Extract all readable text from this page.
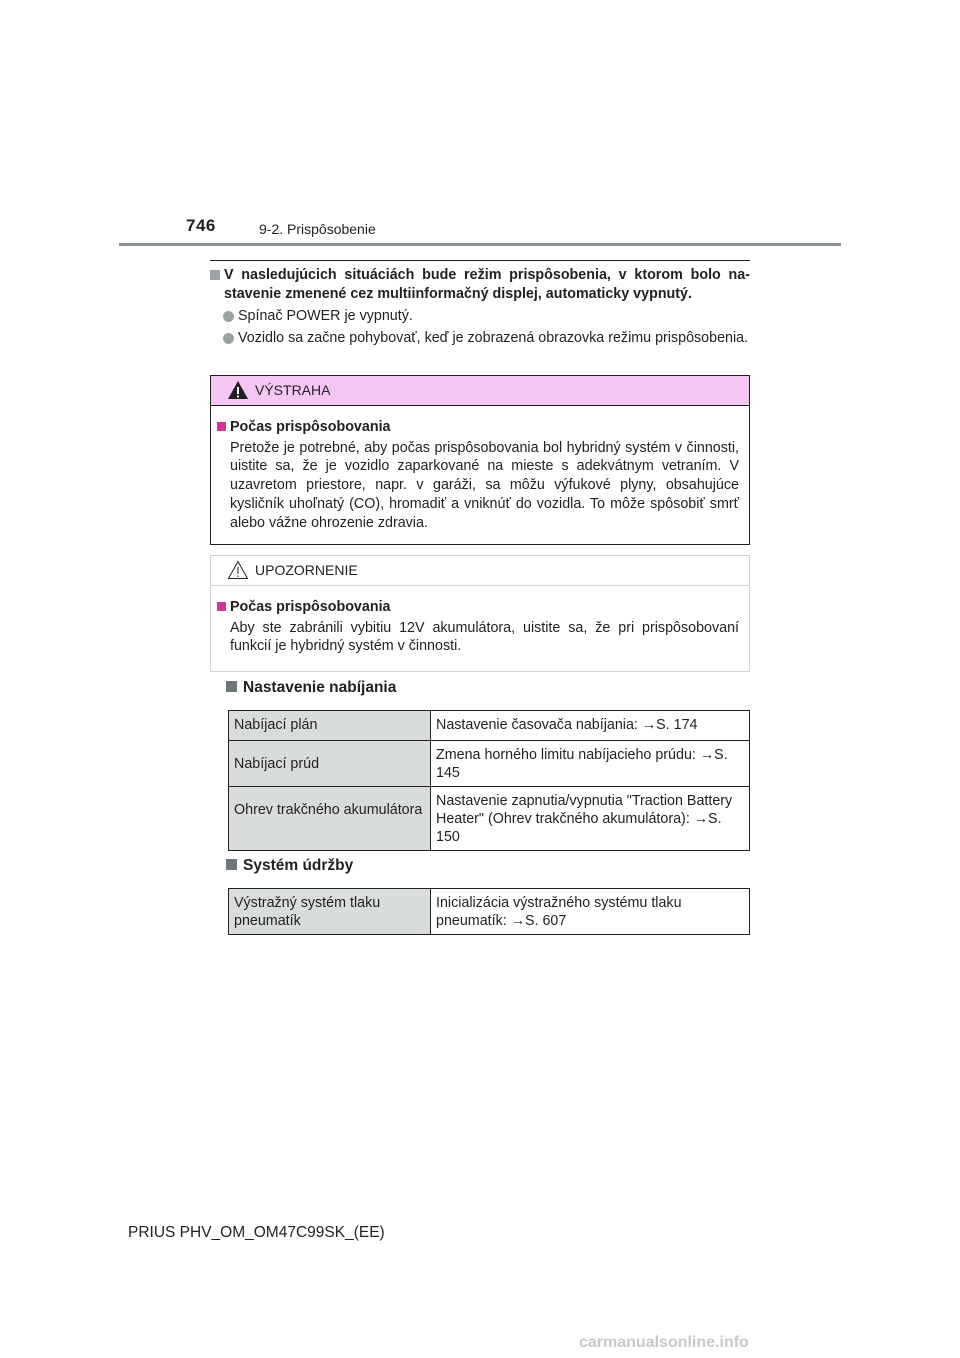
746	9-2. Prispôsobenie
V nasledujúcich situáciách bude režim prispôsobenia, v ktorom bolo nastavenie zmenené cez multiinformačný displej, automaticky vypnutý.
Spínač POWER je vypnutý.
Vozidlo sa začne pohybovať, keď je zobrazená obrazovka režimu prispôsobenia.
VÝSTRAHA
Počas prispôsobovania
Pretože je potrebné, aby počas prispôsobovania bol hybridný systém v činnosti, uistite sa, že je vozidlo zaparkované na mieste s adekvátnym vetraním. V uzavretom priestore, napr. v garáži, sa môžu výfukové plyny, obsahujúce kysličník uhoľnatý (CO), hromadiť a vniknúť do vozidla. To môže spôsobiť smrť alebo vážne ohrozenie zdravia.
UPOZORNENIE
Počas prispôsobovania
Aby ste zabránili vybitiu 12V akumulátora, uistite sa, že pri prispôsobovaní funkcií je hybridný systém v činnosti.
Nastavenie nabíjania
Nabíjací plán	Nastavenie časovača nabíjania: →S. 174
Nabíjací prúd	Zmena horného limitu nabíjacieho prúdu: →S. 145
Ohrev trakčného akumulátora	Nastavenie zapnutia/vypnutia "Traction Battery Heater" (Ohrev trakčného akumulátora): →S. 150
Systém údržby
Výstražný systém tlaku pneumatík	Inicializácia výstražného systému tlaku pneumatík: →S. 607
PRIUS PHV_OM_OM47C99SK_(EE)
carmanualsonline.info
